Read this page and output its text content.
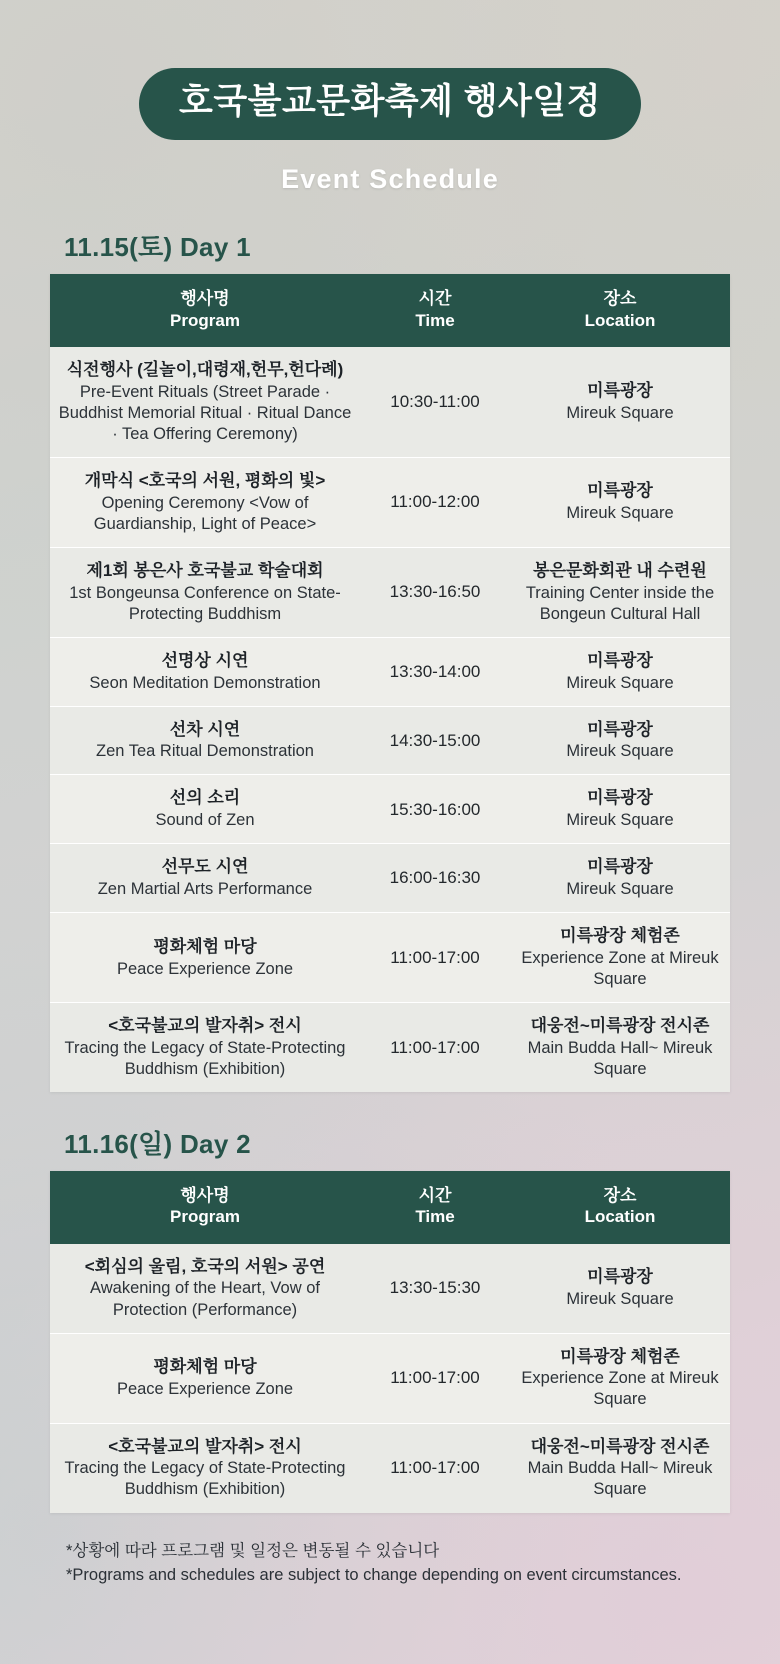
호국불교문화축제 행사일정
Event Schedule
11.15(토) Day 1
행사명
Program	시간
Time	장소
Location

식전행사 (길놀이,대령재,헌무,헌다례)
Pre-Event Rituals (Street Parade · Buddhist Memorial Ritual · Ritual Dance · Tea Offering Ceremony)	10:30-11:00	미륵광장
Mireuk Square

개막식 <호국의 서원, 평화의 빛>
Opening Ceremony <Vow of Guardianship, Light of Peace>	11:00-12:00	미륵광장
Mireuk Square

제1회 봉은사 호국불교 학술대회
1st Bongeunsa Conference on State-Protecting Buddhism	13:30-16:50	봉은문화회관 내 수련원
Training Center inside the Bongeun Cultural Hall

선명상 시연
Seon Meditation Demonstration	13:30-14:00	미륵광장
Mireuk Square

선차 시연
Zen Tea Ritual Demonstration	14:30-15:00	미륵광장
Mireuk Square

선의 소리
Sound of Zen	15:30-16:00	미륵광장
Mireuk Square

선무도 시연
Zen Martial Arts Performance	16:00-16:30	미륵광장
Mireuk Square

평화체험 마당
Peace Experience Zone	11:00-17:00	미륵광장 체험존
Experience Zone at Mireuk Square

<호국불교의 발자취> 전시
Tracing the Legacy of State-Protecting Buddhism (Exhibition)	11:00-17:00	대웅전~미륵광장 전시존
Main Budda Hall~ Mireuk Square
11.16(일) Day 2
행사명
Program	시간
Time	장소
Location

<회심의 울림, 호국의 서원> 공연
Awakening of the Heart, Vow of Protection (Performance)	13:30-15:30	미륵광장
Mireuk Square

평화체험 마당
Peace Experience Zone	11:00-17:00	미륵광장 체험존
Experience Zone at Mireuk Square

<호국불교의 발자취> 전시
Tracing the Legacy of State-Protecting Buddhism (Exhibition)	11:00-17:00	대웅전~미륵광장 전시존
Main Budda Hall~ Mireuk Square
*상황에 따라 프로그램 및 일정은 변동될 수 있습니다
*Programs and schedules are subject to change depending on event circumstances.
